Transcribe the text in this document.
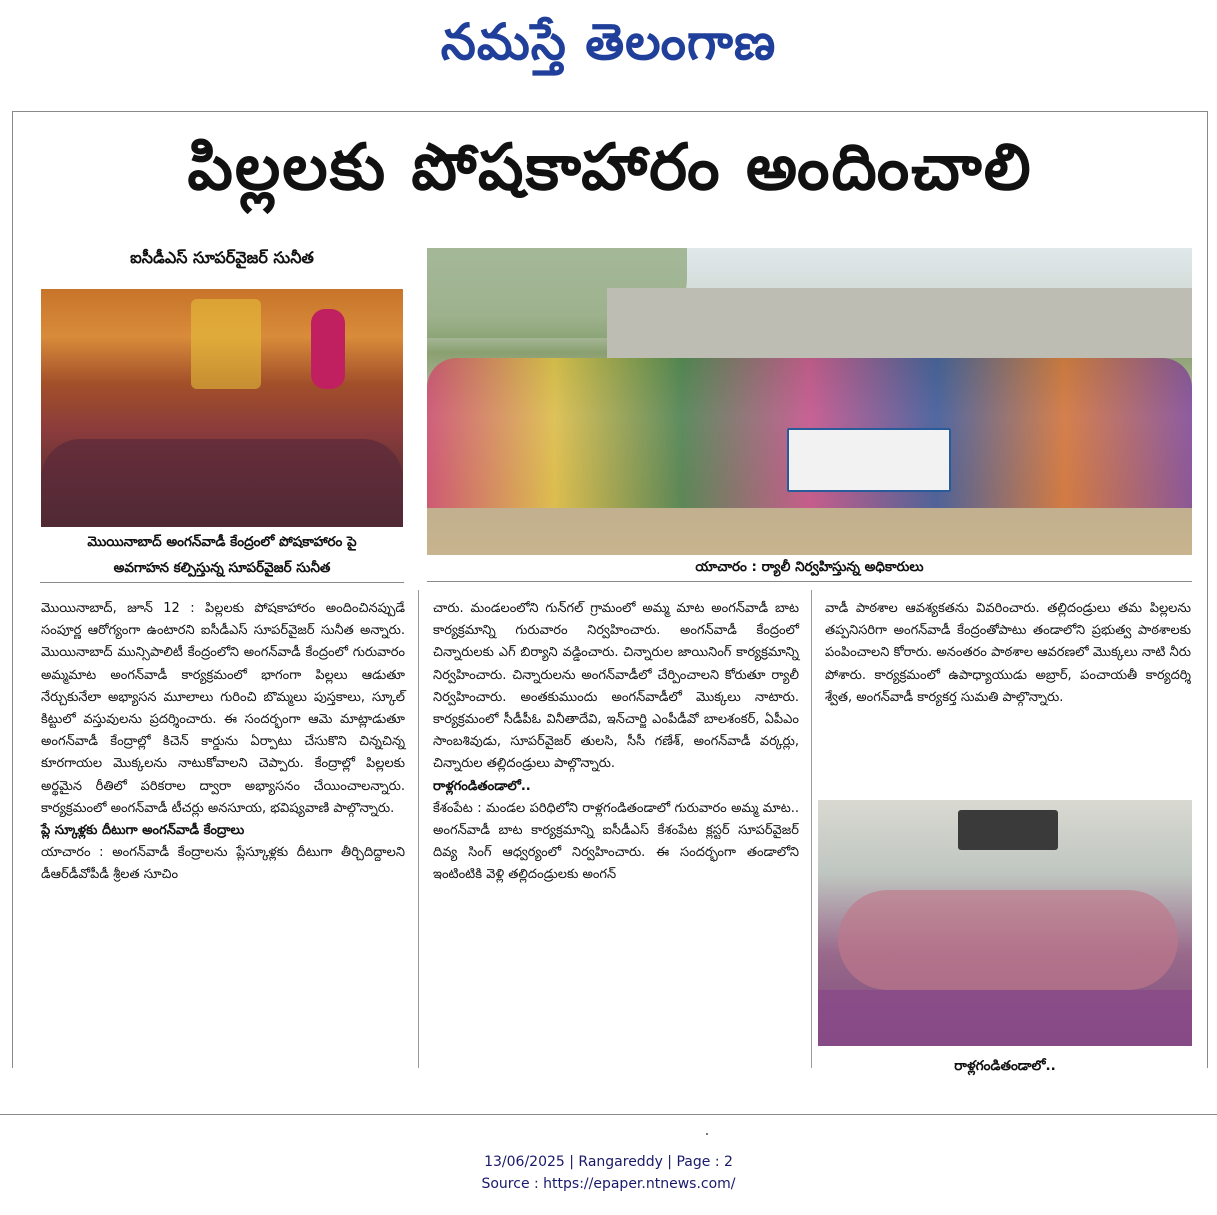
నమస్తే తెలంగాణ
పిల్లలకు పోషకాహారం అందించాలి
ఐసీడీఎస్ సూపర్‌వైజర్ సునీత
మొయినాబాద్ అంగన్‌వాడీ కేంద్రంలో పోషకాహారం పై
అవగాహన కల్పిస్తున్న సూపర్‌వైజర్ సునీత	యాచారం : ర్యాలీ నిర్వహిస్తున్న అధికారులు

మొయినాబాద్, జూన్ 12 : పిల్లలకు పోషకాహారం అందించినప్పుడే సంపూర్ణ ఆరోగ్యంగా ఉంటారని ఐసీడీఎస్ సూపర్‌వైజర్ సునీత అన్నారు. మొయినాబాద్ మున్సిపాలిటీ కేంద్రంలోని అంగన్‌వాడీ కేంద్రంలో గురువారం అమ్మమాట అంగన్‌వాడీ కార్యక్రమంలో భాగంగా పిల్లలు ఆడుతూ నేర్చుకునేలా అభ్యాసన మూలాలు గురించి బొమ్మలు పుస్తకాలు, స్కూల్ కిట్టులో వస్తువులను ప్రదర్శించారు. ఈ సందర్భంగా ఆమె మాట్లాడుతూ అంగన్‌వాడీ కేంద్రాల్లో కిచెన్ కార్డును ఏర్పాటు చేసుకొని చిన్నచిన్న కూరగాయల మొక్కలను నాటుకోవాలని చెప్పారు. కేంద్రాల్లో పిల్లలకు అర్థమైన రీతిలో పరికరాల ద్వారా అభ్యాసనం చేయించాలన్నారు. కార్యక్రమంలో అంగన్‌వాడీ టీచర్లు అనసూయ, భవిష్యవాణి పాల్గొన్నారు.

ప్లే స్కూళ్లకు దీటుగా అంగన్‌వాడీ కేంద్రాలు

యాచారం : అంగన్‌వాడీ కేంద్రాలను ప్లేస్కూళ్లకు దీటుగా తీర్చిదిద్దాలని డీఆర్‌డీవోపీడీ శ్రీలత సూచిం

చారు. మండలంలోని గున్‌గల్ గ్రామంలో అమ్మ మాట అంగన్‌వాడీ బాట కార్యక్రమాన్ని గురువారం నిర్వహించారు. అంగన్‌వాడీ కేంద్రంలో చిన్నారులకు ఎగ్ బిర్యాని వడ్డించారు. చిన్నారుల జాయినింగ్ కార్యక్రమాన్ని నిర్వహించారు. చిన్నారులను అంగన్‌వాడీలో చేర్పించాలని కోరుతూ ర్యాలీ నిర్వహించారు. అంతకుముందు అంగన్‌వాడీలో మొక్కలు నాటారు. కార్యక్రమంలో సీడీపీఓ వినీతాదేవి, ఇన్‌చార్జి ఎంపీడీవో బాలశంకర్, ఏపీఎం సాంబశివుడు, సూపర్‌వైజర్ తులసి, సీసీ గణేశ్, అంగన్‌వాడీ వర్కర్లు, చిన్నారుల తల్లిదండ్రులు పాల్గొన్నారు.

రాళ్లగండితండాలో..

కేశంపేట : మండల పరిధిలోని రాళ్లగండితండాలో గురువారం అమ్మ మాట.. అంగన్‌వాడీ బాట కార్యక్రమాన్ని ఐసీడీఎస్ కేశంపేట క్లస్టర్ సూపర్‌వైజర్ దివ్య సింగ్ ఆధ్వర్యంలో నిర్వహించారు. ఈ సందర్భంగా తండాలోని ఇంటింటికి వెళ్లి తల్లిదండ్రులకు అంగన్

వాడీ పాఠశాల ఆవశ్యకతను వివరించారు. తల్లిదండ్రులు తమ పిల్లలను తప్పనిసరిగా అంగన్‌వాడీ కేంద్రంతోపాటు తండాలోని ప్రభుత్వ పాఠశాలకు పంపించాలని కోరారు. అనంతరం పాఠశాల ఆవరణలో మొక్కలు నాటి నీరు పోశారు. కార్యక్రమంలో ఉపాధ్యాయుడు అబ్రార్, పంచాయతీ కార్యదర్శి శ్వేత, అంగన్‌వాడీ కార్యకర్త సుమతి పాల్గొన్నారు.

రాళ్లగండితండాలో..
13/06/2025 | Rangareddy | Page : 2
Source : https://epaper.ntnews.com/
